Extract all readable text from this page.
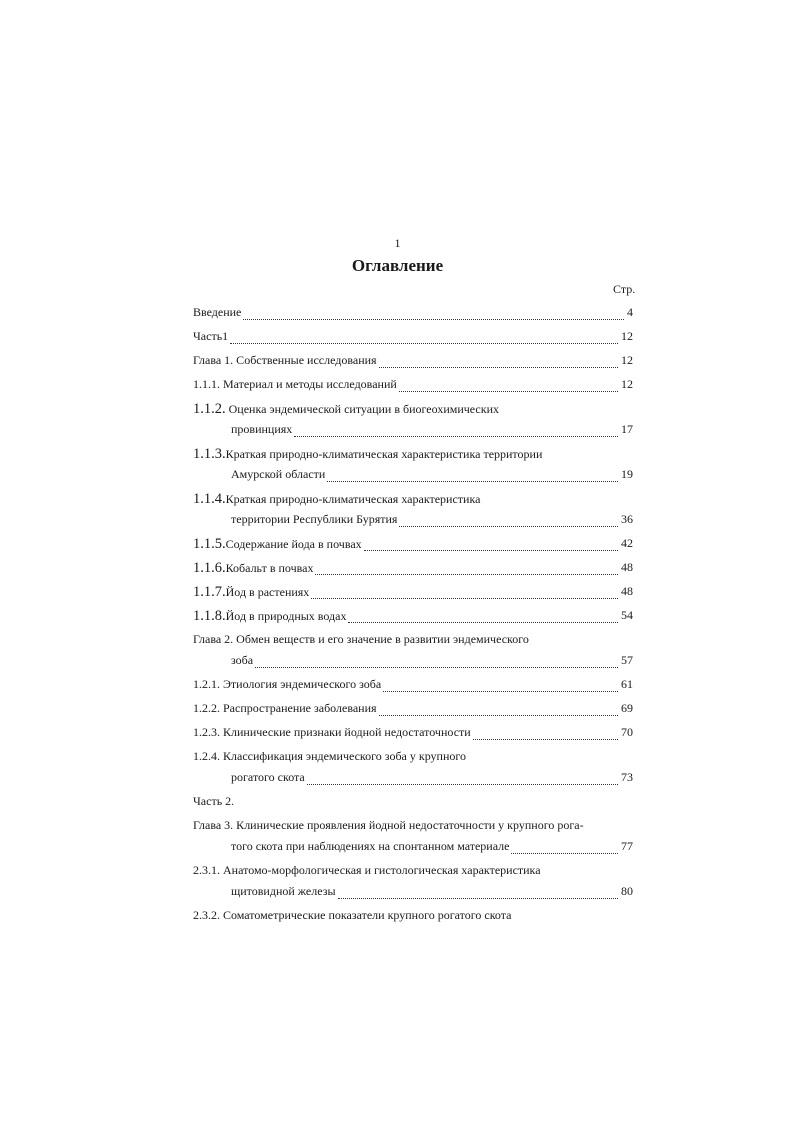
1
Оглавление
Стр.
Введение	4
Часть1	12
Глава 1. Собственные исследования	12
1.1.1. Материал и методы исследований	12
1.1.2. Оценка эндемической ситуации в биогеохимических
провинциях	17
1.1.3.Краткая природно-климатическая характеристика территории
Амурской области	19
1.1.4.Краткая природно-климатическая характеристика
территории Республики Бурятия	36
1.1.5.Содержание йода в почвах	42
1.1.6.Кобальт в почвах	48
1.1.7.Йод в растениях	48
1.1.8.Йод в природных водах	54
Глава 2. Обмен веществ и его значение в развитии эндемического
зоба	57
1.2.1. Этиология эндемического зоба	61
1.2.2. Распространение заболевания	69
1.2.3. Клинические признаки йодной недостаточности	70
1.2.4. Классификация эндемического зоба у крупного
рогатого скота	73
Часть 2.
Глава 3. Клинические проявления йодной недостаточности у крупного рога-
того скота при наблюдениях на спонтанном материале	77
2.3.1. Анатомо-морфологическая и гистологическая характеристика
щитовидной железы	80
2.3.2. Соматометрические показатели крупного рогатого скота
